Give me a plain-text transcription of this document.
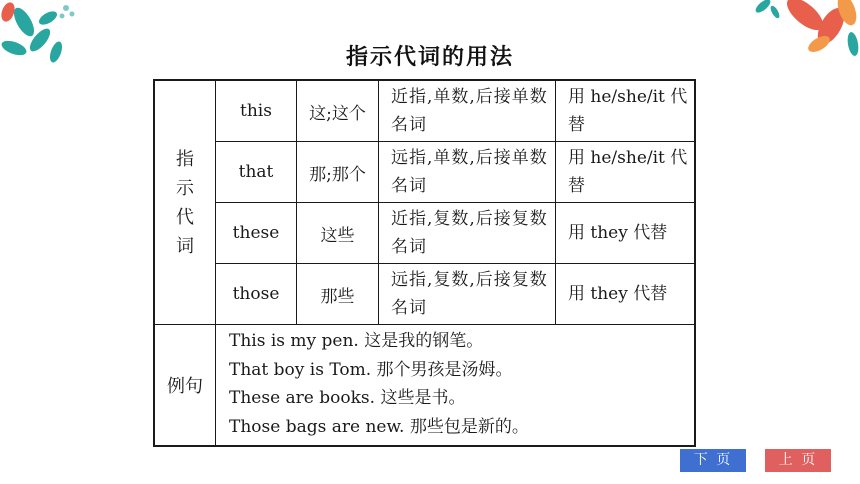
指示代词的用法
指示代词	this	这;这个	近指,单数,后接单数名词	用 he/she/it 代替
	that	那;那个	远指,单数,后接单数名词	用 he/she/it 代替
	these	这些	近指,复数,后接复数名词	用 they 代替
	those	那些	远指,复数,后接复数名词	用 they 代替
例句	This is my pen. 这是我的钢笔。
That boy is Tom. 那个男孩是汤姆。
These are books. 这些是书。
Those bags are new. 那些包是新的。			
下 页	上 页
